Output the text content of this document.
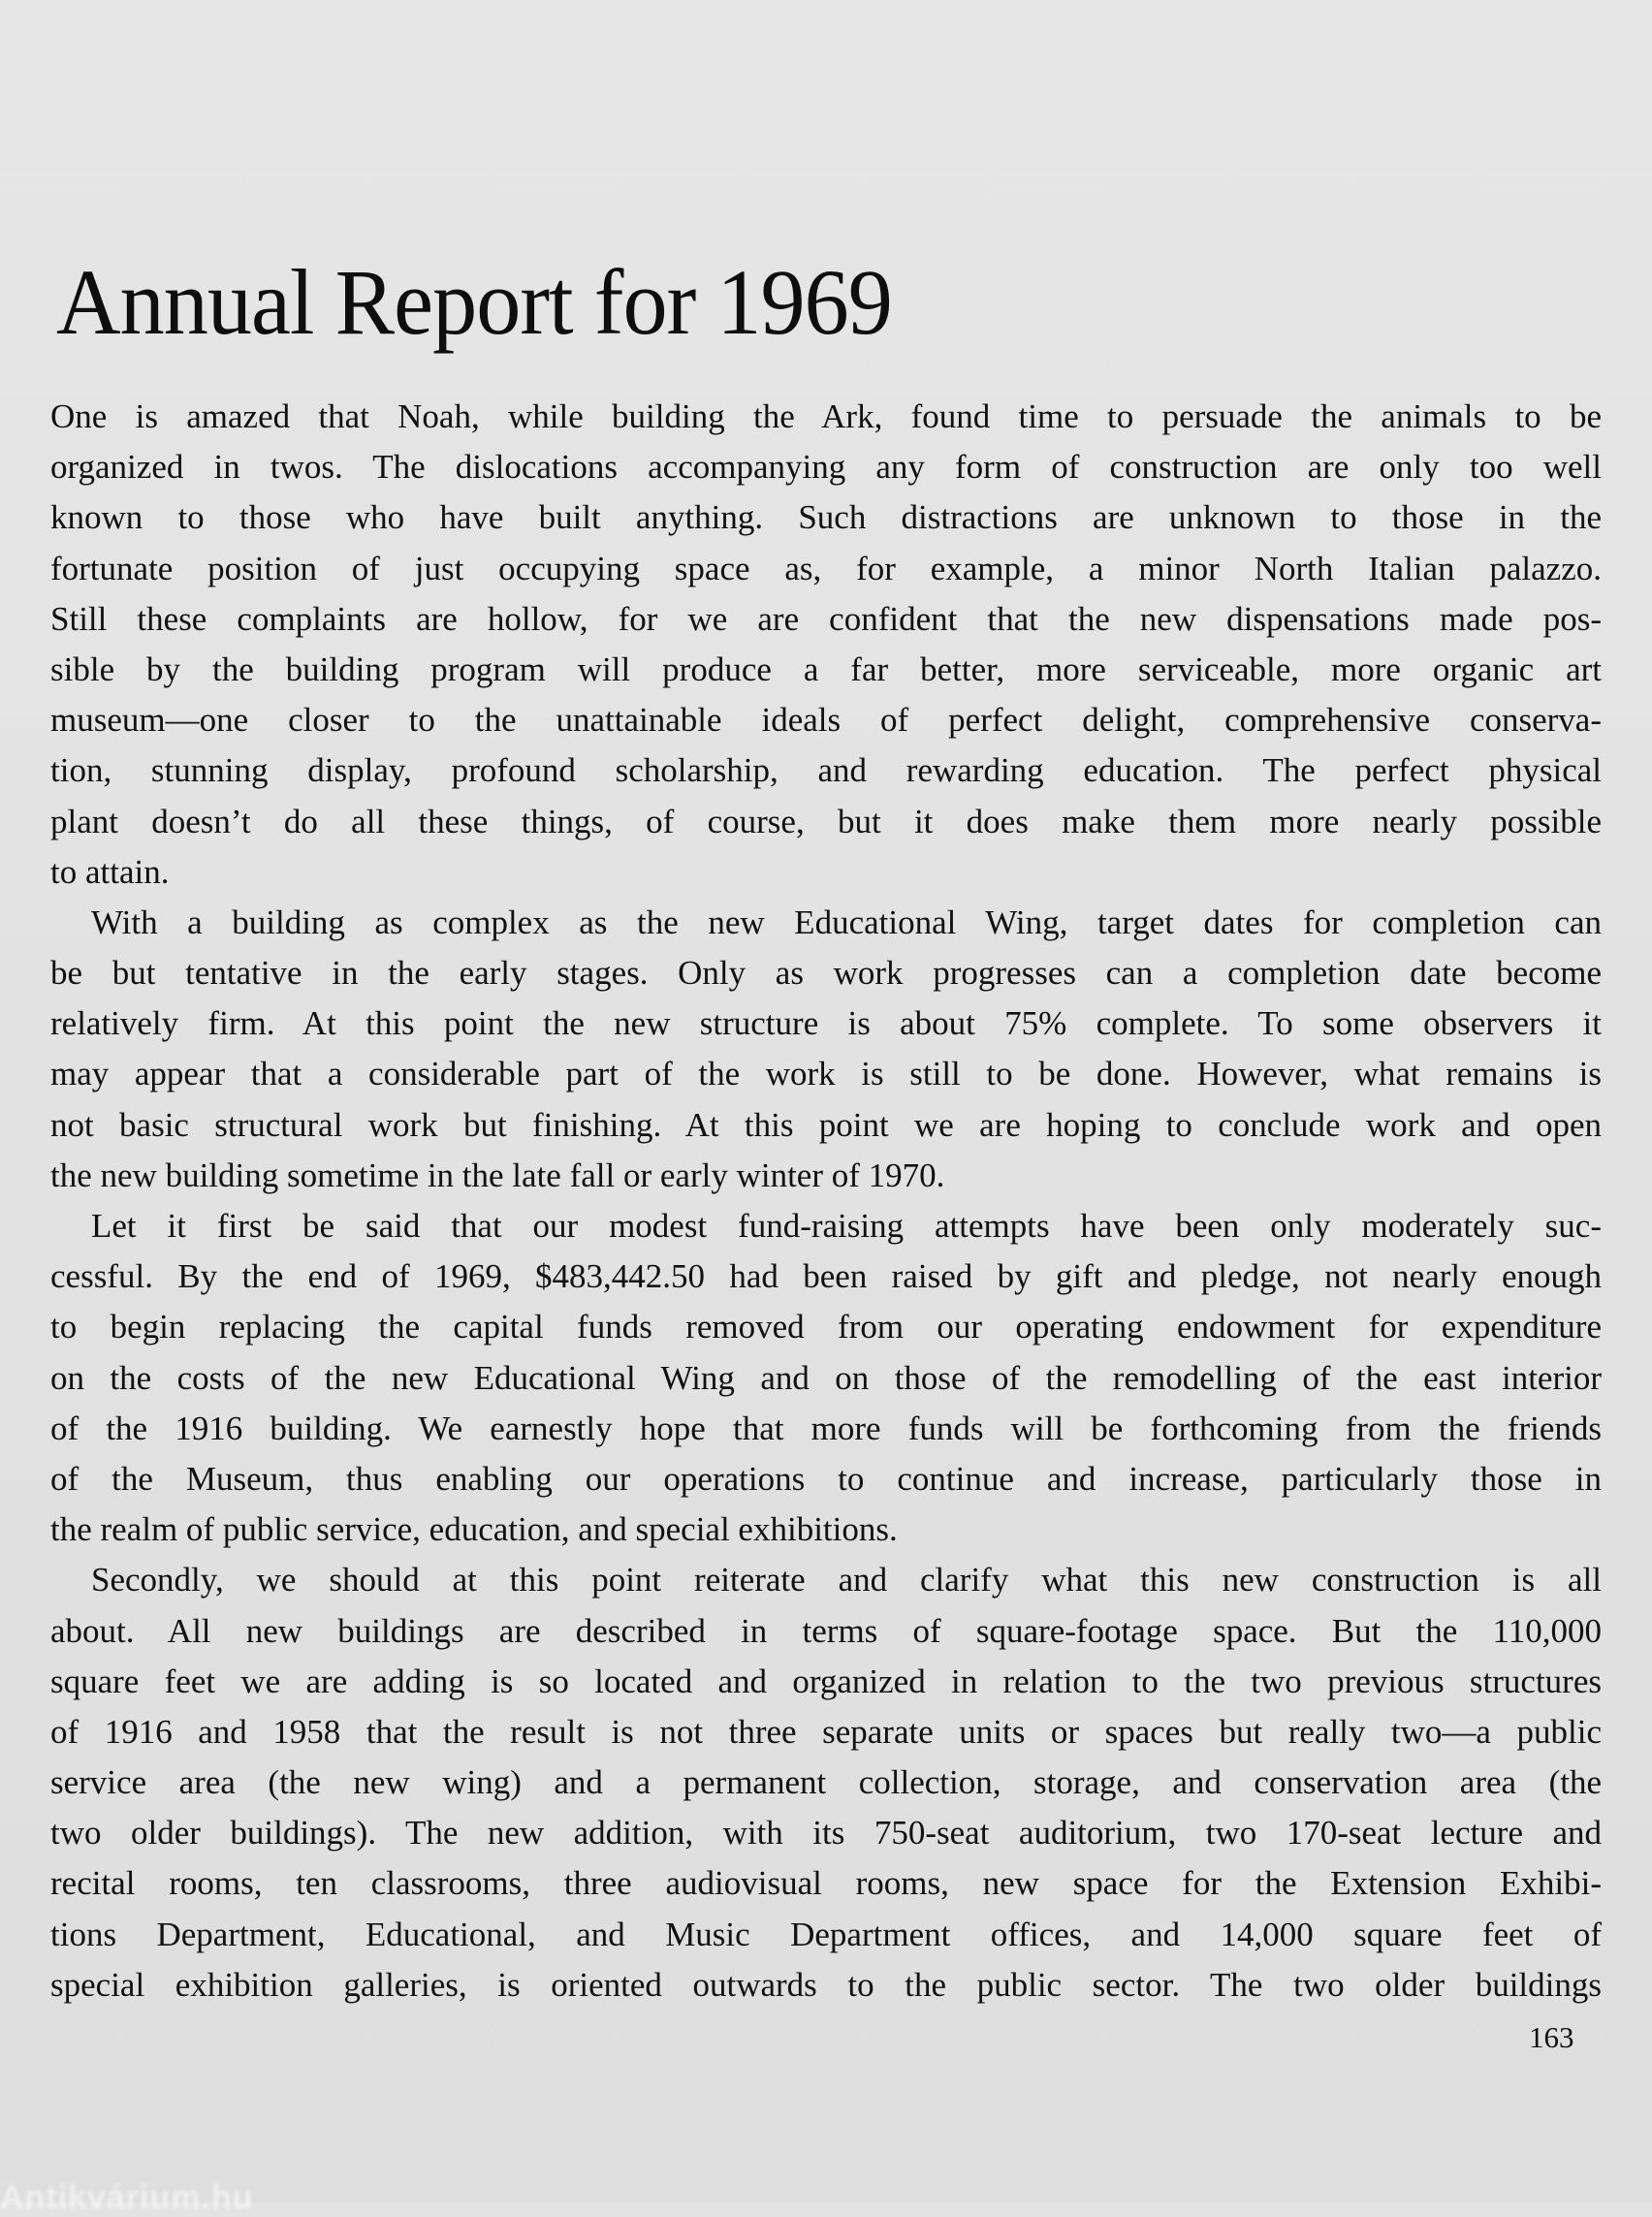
Annual Report for 1969
One is amazed that Noah, while building the Ark, found time to persuade the animals to be
organized in twos. The dislocations accompanying any form of construction are only too well
known to those who have built anything. Such distractions are unknown to those in the
fortunate position of just occupying space as, for example, a minor North Italian palazzo.
Still these complaints are hollow, for we are confident that the new dispensations made pos-
sible by the building program will produce a far better, more serviceable, more organic art
museum—one closer to the unattainable ideals of perfect delight, comprehensive conserva-
tion, stunning display, profound scholarship, and rewarding education. The perfect physical
plant doesn’t do all these things, of course, but it does make them more nearly possible
to attain.
With a building as complex as the new Educational Wing, target dates for completion can
be but tentative in the early stages. Only as work progresses can a completion date become
relatively firm. At this point the new structure is about 75% complete. To some observers it
may appear that a considerable part of the work is still to be done. However, what remains is
not basic structural work but finishing. At this point we are hoping to conclude work and open
the new building sometime in the late fall or early winter of 1970.
Let it first be said that our modest fund-raising attempts have been only moderately suc-
cessful. By the end of 1969, $483,442.50 had been raised by gift and pledge, not nearly enough
to begin replacing the capital funds removed from our operating endowment for expenditure
on the costs of the new Educational Wing and on those of the remodelling of the east interior
of the 1916 building. We earnestly hope that more funds will be forthcoming from the friends
of the Museum, thus enabling our operations to continue and increase, particularly those in
the realm of public service, education, and special exhibitions.
Secondly, we should at this point reiterate and clarify what this new construction is all
about. All new buildings are described in terms of square-footage space. But the 110,000
square feet we are adding is so located and organized in relation to the two previous structures
of 1916 and 1958 that the result is not three separate units or spaces but really two—a public
service area (the new wing) and a permanent collection, storage, and conservation area (the
two older buildings). The new addition, with its 750-seat auditorium, two 170-seat lecture and
recital rooms, ten classrooms, three audiovisual rooms, new space for the Extension Exhibi-
tions Department, Educational, and Music Department offices, and 14,000 square feet of
special exhibition galleries, is oriented outwards to the public sector. The two older buildings
163
Antikvárium.hu
